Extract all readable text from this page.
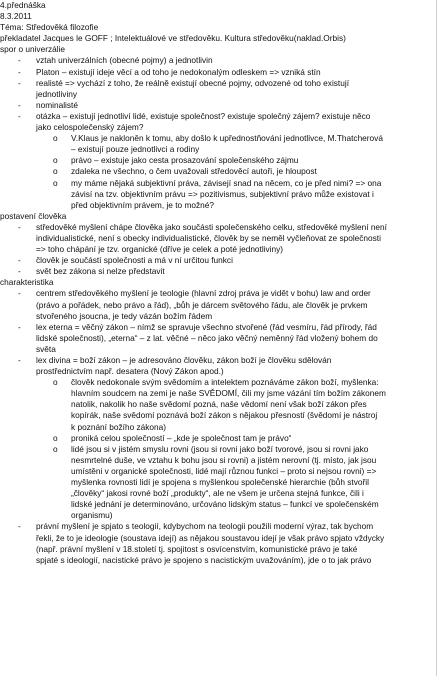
4.přednáška
8.3.2011
Téma: Středověká filozofie
překladatel Jacques le GOFF ; Intelektuálové ve středověku. Kultura středověku(naklad.Orbis)
spor o univerzálie
-	vztah univerzálních (obecné pojmy) a jednotlivin
-	Platon – existují ideje věcí a od toho je nedokonalým odleskem => vzniká stín
-	realisté => vychází z toho, že reálně existují obecné pojmy, odvozené od toho existují
jednotliviny
-	nominalisté
-	otázka – existují jednotliví lidé, existuje společnost? existuje společný zájem? existuje něco
jako celospolečenský zájem?
o	V.Klaus je nakloněn k tomu, aby došlo k upřednostňování jednotlivce, M.Thatcherová
– existují pouze jednotlivci a rodiny
o	právo – existuje jako cesta prosazování společenského zájmu
o	zdaleka ne všechno, o čem uvažovali středověcí autoři, je hloupost
o	my máme nějaká subjektivní práva, závisejí snad na něcem, co je před nimi? => ona
závisí na tzv. objektivním právu => pozitivismus, subjektivní právo může existovat i
před objektivním právem, je to možné?
postavení člověka
-	středověké myšlení chápe člověka jako součásti společenského celku, středověké myšlení není
individualistické, není s obecky individualistické, člověk by se neměl vyčleňovat ze společnosti
=> toho chápání je tzv. organické (dříve je celek a poté jednotliviny)
-	člověk je součástí společnosti a má v ní určitou funkci
-	svět bez zákona si nelze představit
charakteristika
-	centrem středověkého myšlení je teologie (hlavní zdroj práva je vidět v bohu) law and order
(právo a pořádek, nebo právo a řád), „bůh je dárcem světového řádu, ale člověk je prvkem
stvořeného jsoucna, je tedy vázán božím řádem
-	lex eterna = věčný zákon – nímž se spravuje všechno stvořené (řád vesmíru, řád přírody, řád
lidské společnosti), „eterna“ – z lat. věčné – něco jako věčný neměnný řád vložený bohem do
světa
-	lex divina = boží zákon – je adresováno člověku, zákon boží je člověku sdělován
prostřednictvím např. desatera (Nový Zákon apod.)
o	člověk nedokonale svým svědomím a intelektem poznáváme zákon boží, myšlenka:
hlavním soudcem na zemi je naše SVĚDOMÍ, čili my jsme vázání tím božím zákonem
natolik, nakolik ho naše svědomí pozná, naše vědomí není však boží zákon přes
kopírák, naše svědomí poznává boží zákon s nějakou přesností (švědomí je nástroj
k poznání božího zákona)
o	proniká celou společností – „kde je společnost tam je právo“
o	lidé jsou si v jistém smyslu rovni (jsou si rovni jako boží tvorové, jsou si rovni jako
nesmrtelné duše, ve vztahu k bohu jsou si rovni) a jistém nerovní (tj. místo, jak jsou
umístěni v organické společnosti, lidé mají různou funkci – proto si nejsou rovni) =>
myšlenka rovnosti lidí je spojena s myšlenkou společenské hierarchie (bůh stvořil
„člověky“ jakosi rovné boží „produkty“, ale ne všem je určena stejná funkce, čili i
lidské jednání je determinováno, určováno lidským status – funkcí ve společenském
organismu)
-	právní myšlení je spjato s teologií, kdybychom na teologii použili moderní výraz, tak bychom
řekli, že to je ideologie (soustava idejí) as nějakou soustavou idejí je však právo spjato vždycky
(např. právní myšlení v 18.století tj. spojitost s osvícenstvím, komunistické právo je také
spjaté s ideologií, nacistické právo je spojeno s nacistickým uvažováním), jde o to jak právo
